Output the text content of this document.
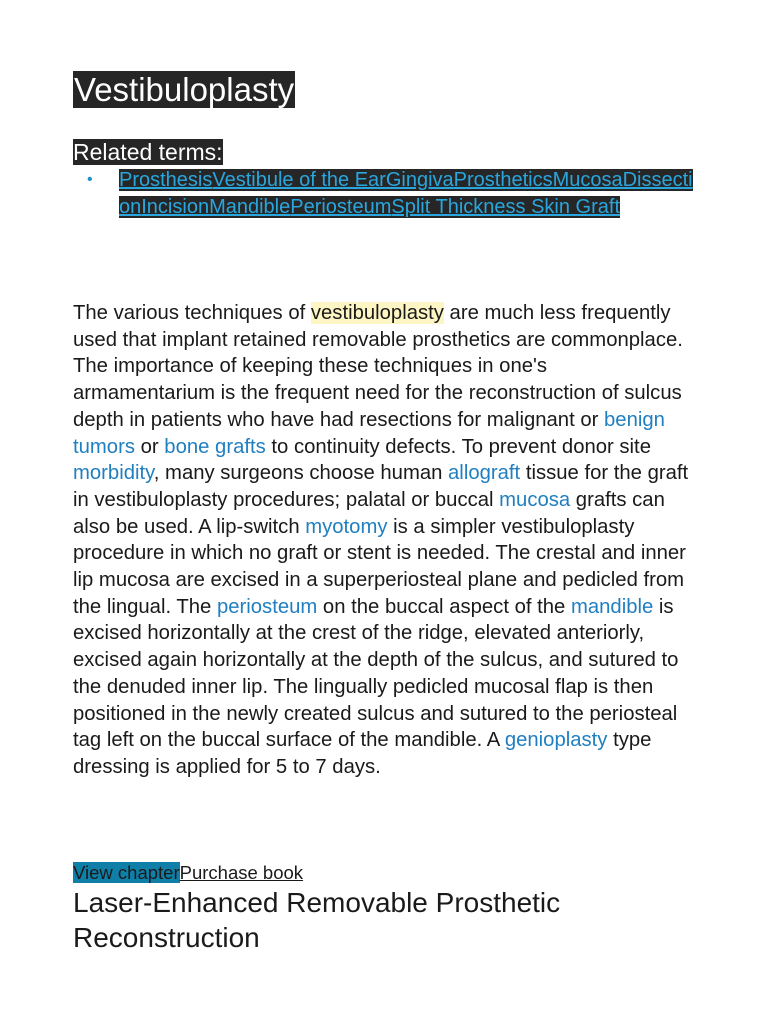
Vestibuloplasty
Related terms:
• ProsthesisVestibule of the EarGingivaProstheticsMucosaDissectionIncisionMandiblePeriosteumSplit Thickness Skin Graft

The various techniques of vestibuloplasty are much less frequently used that implant retained removable prosthetics are commonplace. The importance of keeping these techniques in one's armamentarium is the frequent need for the reconstruction of sulcus depth in patients who have had resections for malignant or benign tumors or bone grafts to continuity defects. To prevent donor site morbidity, many surgeons choose human allograft tissue for the graft in vestibuloplasty procedures; palatal or buccal mucosa grafts can also be used. A lip-switch myotomy is a simpler vestibuloplasty procedure in which no graft or stent is needed. The crestal and inner lip mucosa are excised in a superperiosteal plane and pedicled from the lingual. The periosteum on the buccal aspect of the mandible is excised horizontally at the crest of the ridge, elevated anteriorly, excised again horizontally at the depth of the sulcus, and sutured to the denuded inner lip. The lingually pedicled mucosal flap is then positioned in the newly created sulcus and sutured to the periosteal tag left on the buccal surface of the mandible. A genioplasty type dressing is applied for 5 to 7 days.

View chapterPurchase book
Laser-Enhanced Removable Prosthetic Reconstruction
